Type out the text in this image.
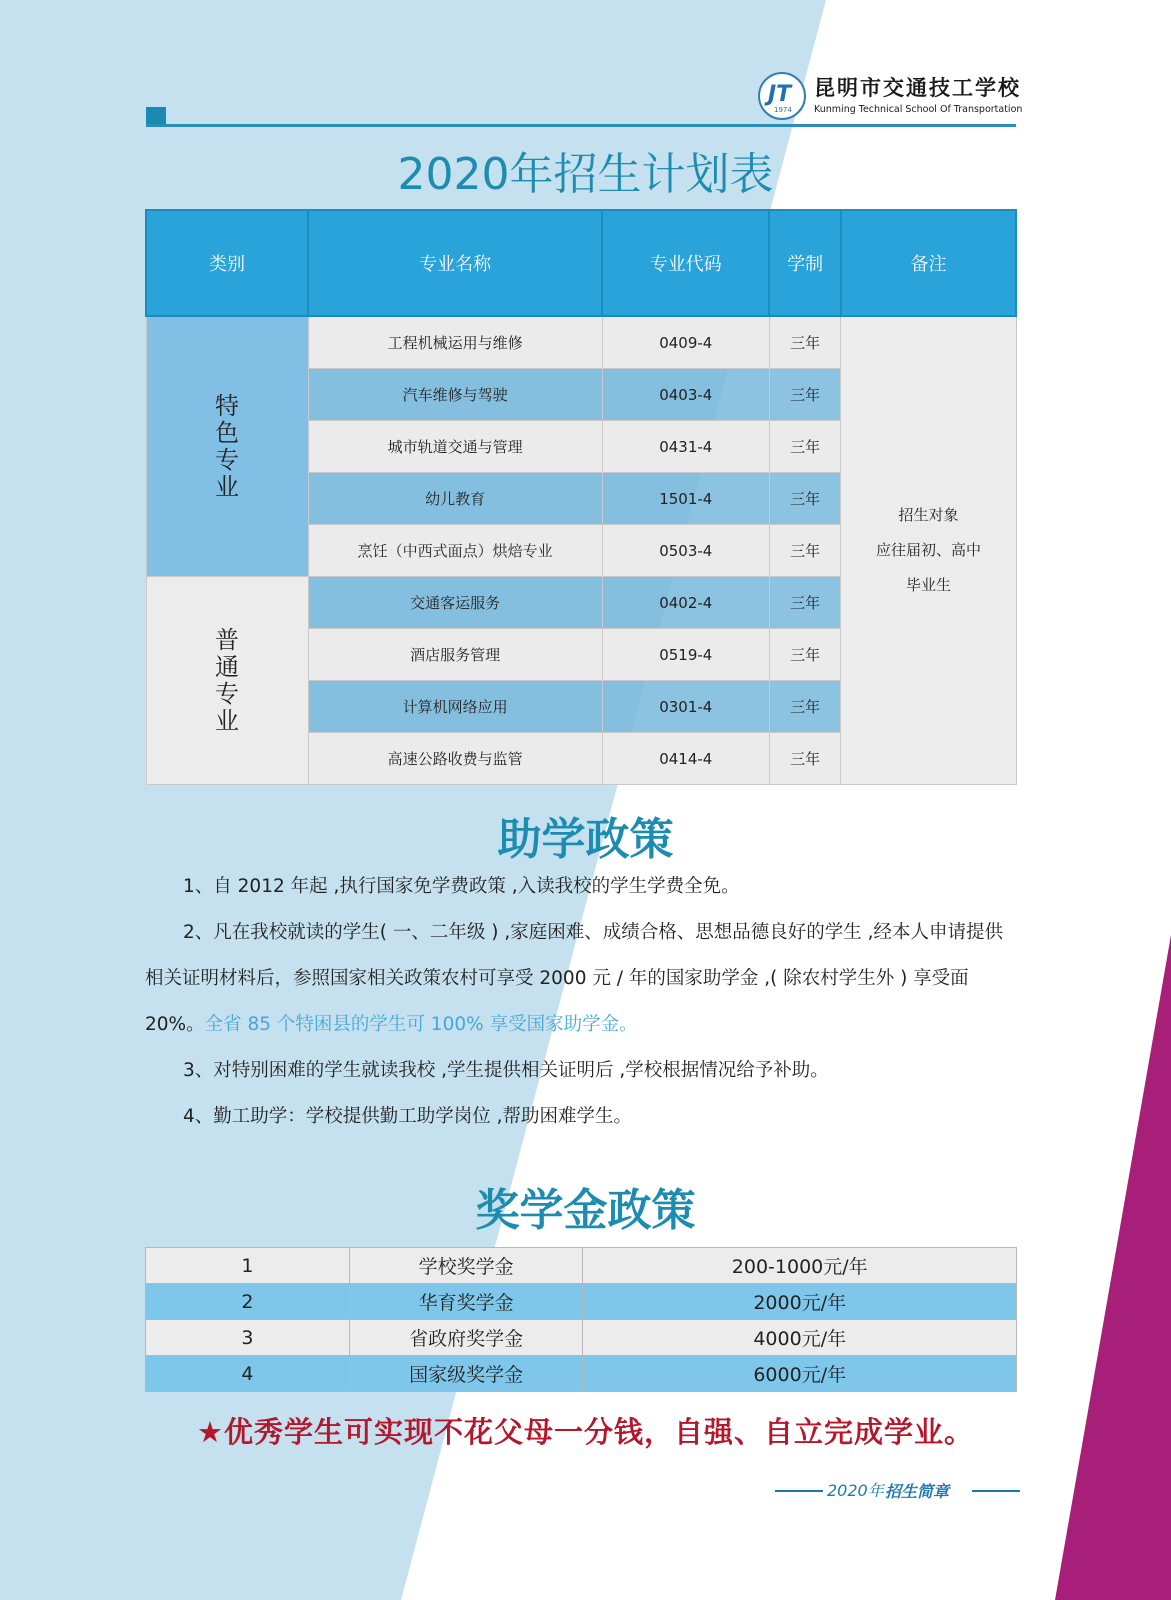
JT
1974
昆明市交通技工学校
Kunming Technical School Of Transportation
2020年招生计划表
类别	专业名称	专业代码	学制	备注
特色专业	工程机械运用与维修	0409-4	三年	招生对象
应往届初、高中
毕业生

	汽车维修与驾驶	0403-4	三年	
	城市轨道交通与管理	0431-4	三年	
	幼儿教育	1501-4	三年	
	烹饪（中西式面点）烘焙专业	0503-4	三年	
普通专业	交通客运服务	0402-4	三年	
	酒店服务管理	0519-4	三年	
	计算机网络应用	0301-4	三年	
	高速公路收费与监管	0414-4	三年	
助学政策

1、自 2012 年起 ,执行国家免学费政策 ,入读我校的学生学费全免。

2、凡在我校就读的学生( 一、二年级 ) ,家庭困难、成绩合格、思想品德良好的学生 ,经本人申请提供相关证明材料后，参照国家相关政策农村可享受 2000 元 / 年的国家助学金 ,( 除农村学生外 ) 享受面 20%。全省 85 个特困县的学生可 100% 享受国家助学金。

3、对特别困难的学生就读我校 ,学生提供相关证明后 ,学校根据情况给予补助。

4、勤工助学：学校提供勤工助学岗位 ,帮助困难学生。

奖学金政策
1	学校奖学金	200-1000元/年
2	华育奖学金	2000元/年
3	省政府奖学金	4000元/年
4	国家级奖学金	6000元/年
★优秀学生可实现不花父母一分钱，自强、自立完成学业。
2020年 招生简章
